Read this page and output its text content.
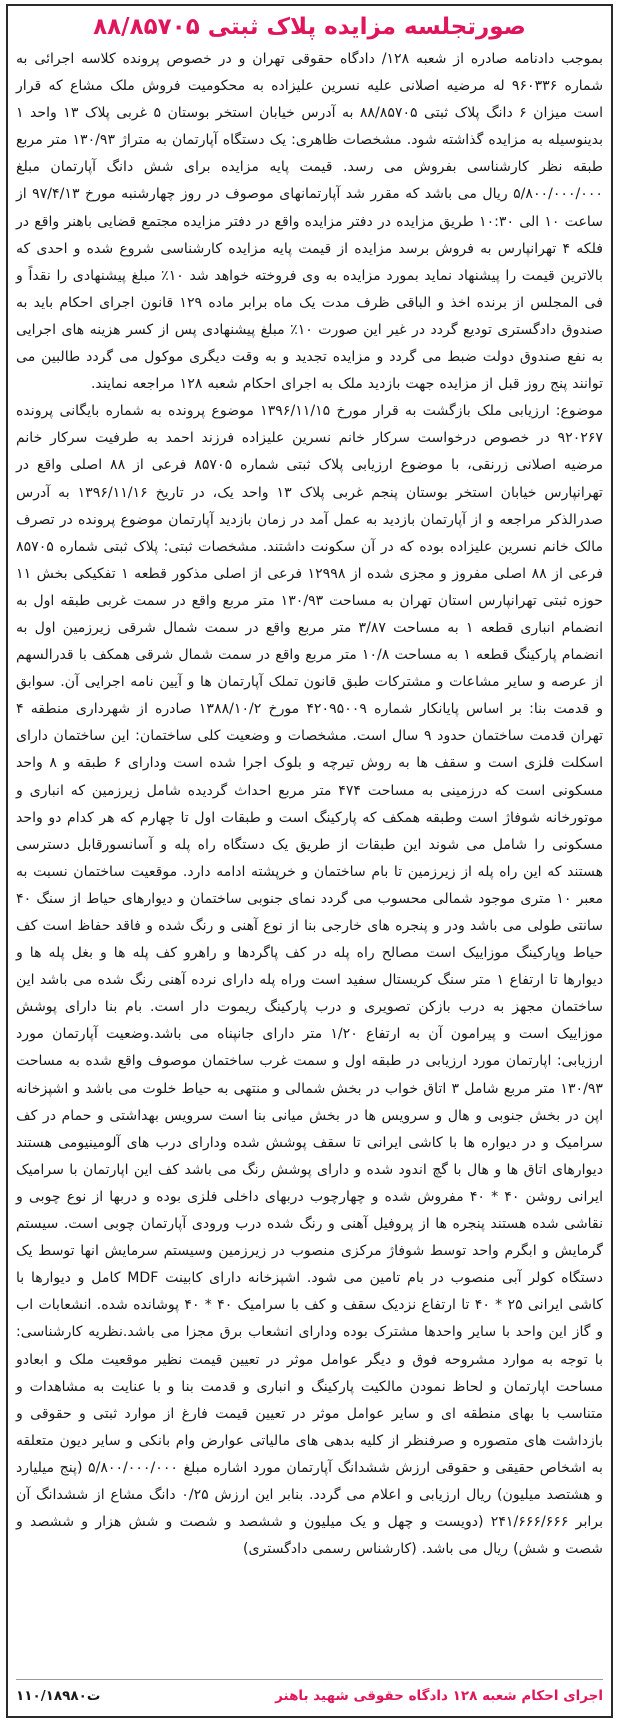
صورتجلسه مزایده پلاک ثبتی ۸۸/۸۵۷۰۵

بموجب دادنامه صادره از شعبه ۱۲۸/ دادگاه حقوقی تهران و در خصوص پرونده کلاسه اجرائی به شماره ۹۶۰۳۳۶ له مرضیه اصلانی علیه نسرین علیزاده به محکومیت فروش ملک مشاع که قرار است میزان ۶ دانگ پلاک ثبتی ۸۸/۸۵۷۰۵ به آدرس خیابان استخر بوستان ۵ غربی پلاک ۱۳ واحد ۱ بدینوسیله به مزایده گذاشته شود. مشخصات ظاهری: یک دستگاه آپارتمان به متراژ ۱۳۰/۹۳ متر مربع طبقه نظر کارشناسی بفروش می رسد. قیمت پایه مزایده برای شش دانگ آپارتمان مبلغ ۵/۸۰۰/۰۰۰/۰۰۰ ریال می باشد که مقرر شد آپارتمانهای موصوف در روز چهارشنبه مورخ ۹۷/۴/۱۳ از ساعت ۱۰ الی ۱۰:۳۰ طریق مزایده در دفتر مزایده واقع در دفتر مزایده مجتمع قضایی باهنر واقع در فلکه ۴ تهرانپارس به فروش برسد مزایده از قیمت پایه مزایده کارشناسی شروع شده و احدی که بالاترین قیمت را پیشنهاد نماید بمورد مزایده به وی فروخته خواهد شد ۱۰٪ مبلغ پیشنهادی را نقداً و فی المجلس از برنده اخذ و الباقی ظرف مدت یک ماه برابر ماده ۱۲۹ قانون اجرای احکام باید به صندوق دادگستری تودیع گردد در غیر این صورت ۱۰٪ مبلغ پیشنهادی پس از کسر هزینه های اجرایی به نفع صندوق دولت ضبط می گردد و مزایده تجدید و به وقت دیگری موکول می گردد طالبین می توانند پنج روز قبل از مزایده جهت بازدید ملک به اجرای احکام شعبه ۱۲۸ مراجعه نمایند.

موضوع: ارزیابی ملک بازگشت به قرار مورخ ۱۳۹۶/۱۱/۱۵ موضوع پرونده به شماره بایگانی پرونده ۹۲۰۲۶۷ در خصوص درخواست سرکار خانم نسرین علیزاده فرزند احمد به طرفیت سرکار خانم مرضیه اصلانی زرنقی، با موضوع ارزیابی پلاک ثبتی شماره ۸۵۷۰۵ فرعی از ۸۸ اصلی واقع در تهرانپارس خیابان استخر بوستان پنجم غربی پلاک ۱۳ واحد یک، در تاریخ ۱۳۹۶/۱۱/۱۶ به آدرس صدرالذکر مراجعه و از آپارتمان بازدید به عمل آمد در زمان بازدید آپارتمان موضوع پرونده در تصرف مالک خانم نسرین علیزاده بوده که در آن سکونت داشتند. مشخصات ثبتی: پلاک ثبتی شماره ۸۵۷۰۵ فرعی از ۸۸ اصلی مفروز و مجزی شده از ۱۲۹۹۸ فرعی از اصلی مذکور قطعه ۱ تفکیکی بخش ۱۱ حوزه ثبتی تهرانپارس استان تهران به مساحت ۱۳۰/۹۳ متر مربع واقع در سمت غربی طبقه اول به انضمام انباری قطعه ۱ به مساحت ۳/۸۷ متر مربع واقع در سمت شمال شرقی زیرزمین اول به انضمام پارکینگ قطعه ۱ به مساحت ۱۰/۸ متر مربع واقع در سمت شمال شرقی همکف با قدرالسهم از عرصه و سایر مشاعات و مشترکات طبق قانون تملک آپارتمان ها و آیین نامه اجرایی آن. سوابق و قدمت بنا: بر اساس پایانکار شماره ۴۲۰۹۵۰۰۹ مورخ ۱۳۸۸/۱۰/۲ صادره از شهرداری منطقه ۴ تهران قدمت ساختمان حدود ۹ سال است. مشخصات و وضعیت کلی ساختمان: این ساختمان دارای اسکلت فلزی است و سقف ها به روش تیرچه و بلوک اجرا شده است ودارای ۶ طبقه و ۸ واحد مسکونی است که درزمینی به مساحت ۴۷۴ متر مربع احداث گردیده شامل زیرزمین که انباری و موتورخانه شوفاژ است وطبقه همکف که پارکینگ است و طبقات اول تا چهارم که هر کدام دو واحد مسکونی را شامل می شوند این طبقات از طریق یک دستگاه راه پله و آسانسورقابل دسترسی هستند که این راه پله از زیرزمین تا بام ساختمان و خرپشته ادامه دارد. موقعیت ساختمان نسبت به معبر ۱۰ متری موجود شمالی محسوب می گردد نمای جنوبی ساختمان و دیوارهای حیاط از سنگ ۴۰ سانتی طولی می باشد ودر و پنجره های خارجی بنا از نوع آهنی و رنگ شده و فاقد حفاظ است کف حیاط وپارکینگ موزاییک است مصالح راه پله در کف پاگردها و راهرو کف پله ها و بغل پله ها و دیوارها تا ارتفاع ۱ متر سنگ کریستال سفید است وراه پله دارای نرده آهنی رنگ شده می باشد این ساختمان مجهز به درب بازکن تصویری و درب پارکینگ ریموت دار است. بام بنا دارای پوشش موزاییک است و پیرامون آن به ارتفاع ۱/۲۰ متر دارای جانپناه می باشد.وضعیت آپارتمان مورد ارزیابی: اپارتمان مورد ارزیابی در طبقه اول و سمت غرب ساختمان موصوف واقع شده به مساحت ۱۳۰/۹۳ متر مربع شامل ۳ اتاق خواب در بخش شمالی و منتهی به حیاط خلوت می باشد و اشپزخانه اپن در بخش جنوبی و هال و سرویس ها در بخش میانی بنا است سرویس بهداشتی و حمام در کف سرامیک و در دیواره ها با کاشی ایرانی تا سقف پوشش شده ودارای درب های آلومینیومی هستند دیوارهای اتاق ها و هال با گچ اندود شده و دارای پوشش رنگ می باشد کف این اپارتمان با سرامیک ایرانی روشن ۴۰ * ۴۰ مفروش شده و چهارچوب دربهای داخلی فلزی بوده و دربها از نوع چوبی و نقاشی شده هستند پنجره ها از پروفیل آهنی و رنگ شده درب ورودی آپارتمان چوبی است. سیستم گرمایش و ابگرم واحد توسط شوفاژ مرکزی منصوب در زیرزمین وسیستم سرمایش انها توسط یک دستگاه کولر آبی منصوب در بام تامین می شود. اشپزخانه دارای کابینت MDF کامل و دیوارها با کاشی ایرانی ۲۵ * ۴۰ تا ارتفاع نزدیک سقف و کف با سرامیک ۴۰ * ۴۰ پوشانده شده. انشعابات اب و گاز این واحد با سایر واحدها مشترک بوده ودارای انشعاب برق مجزا می باشد.نظریه کارشناسی: با توجه به موارد مشروحه فوق و دیگر عوامل موثر در تعیین قیمت نظیر موقعیت ملک و ابعادو مساحت اپارتمان و لحاظ نمودن مالکیت پارکینگ و انباری و قدمت بنا و با عنایت به مشاهدات و متناسب با بهای منطقه ای و سایر عوامل موثر در تعیین قیمت فارغ از موارد ثبتی و حقوقی و بازداشت های متصوره و صرفنظر از کلیه بدهی های مالیاتی عوارض وام بانکی و سایر دیون متعلقه به اشخاص حقیقی و حقوقی ارزش ششدانگ آپارتمان مورد اشاره مبلغ ۵/۸۰۰/۰۰۰/۰۰۰ (پنج میلیارد و هشتصد میلیون) ریال ارزیابی و اعلام می گردد. بنابر این ارزش ۰/۲۵ دانگ مشاع از ششدانگ آن برابر ۲۴۱/۶۶۶/۶۶۶ (دویست و چهل و یک میلیون و ششصد و شصت و شش هزار و ششصد و شصت و شش) ریال می باشد. (کارشناس رسمی دادگستری)

اجرای احکام شعبه ۱۲۸ دادگاه حقوقی شهید باهنر
۱۱۰/۱۸۹۸۰ت
